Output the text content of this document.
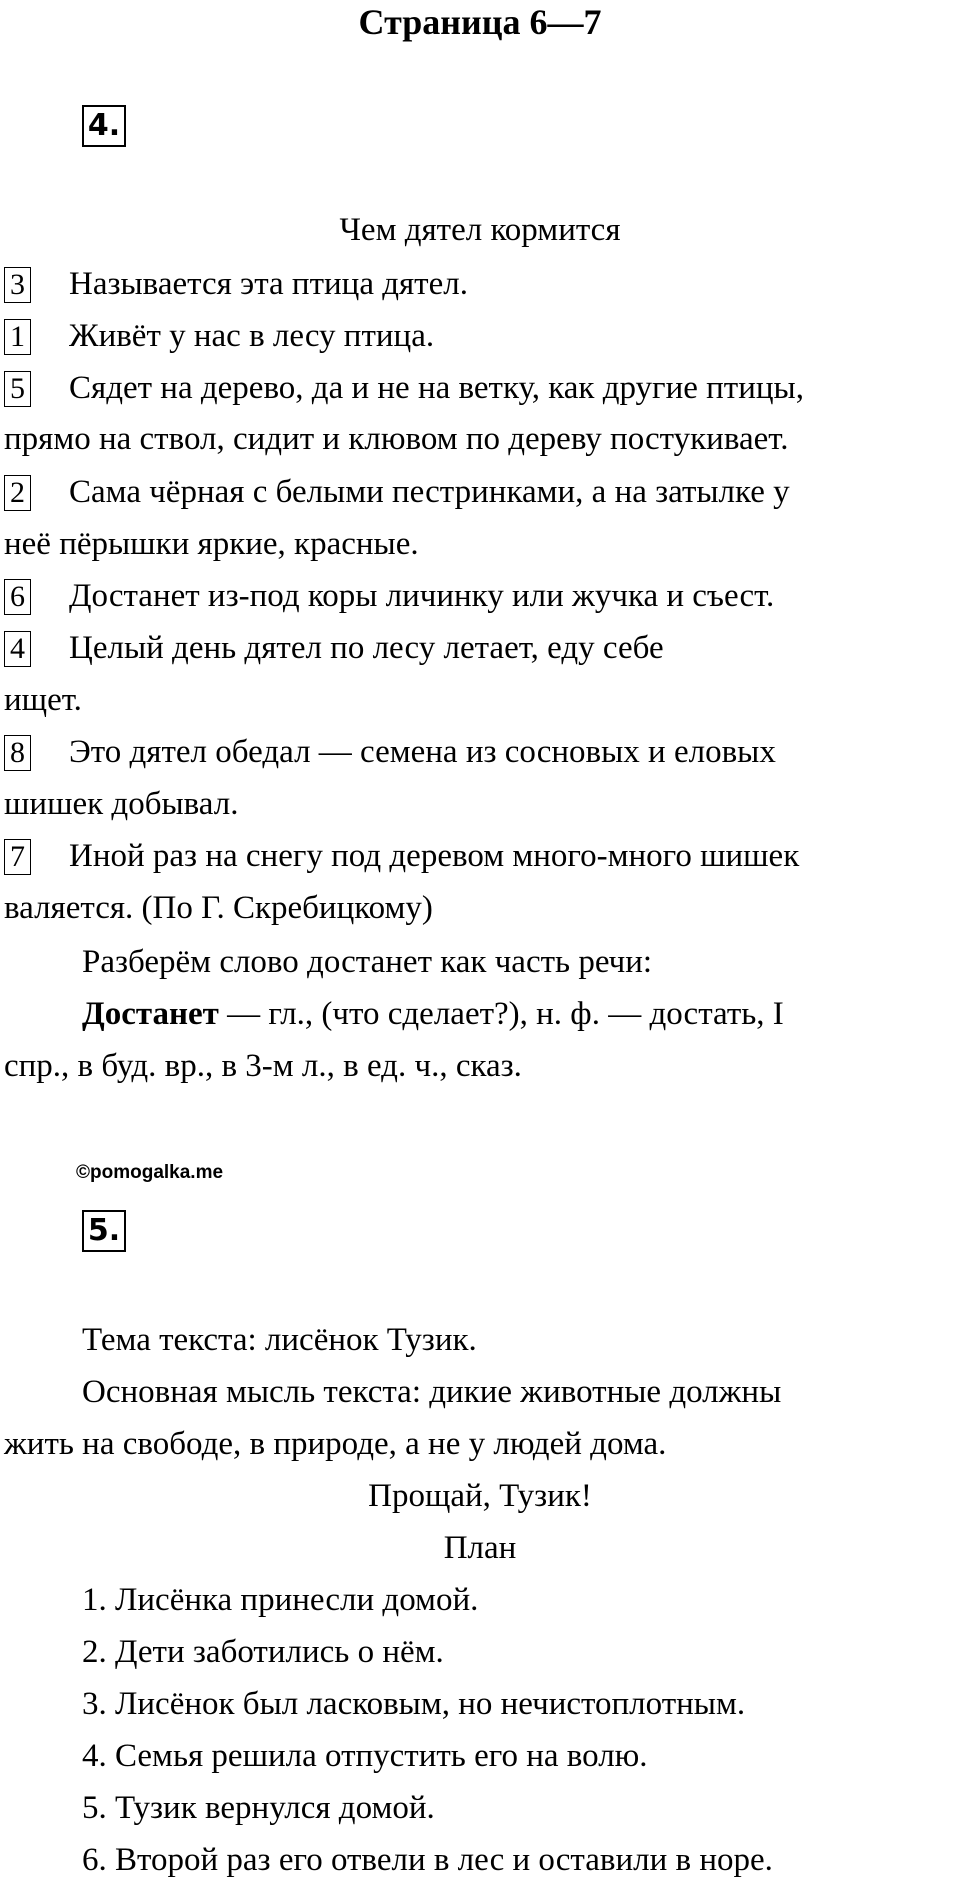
Страница 6—7
4.
Чем дятел кормится
3 Называется эта птица дятел.
1 Живёт у нас в лесу птица.
5 Сядет на дерево, да и не на ветку, как другие птицы,
прямо на ствол, сидит и клювом по дереву постукивает.
2 Сама чёрная с белыми пестринками, а на затылке у
неё пёрышки яркие, красные.
6 Достанет из-под коры личинку или жучка и съест.
4 Целый день дятел по лесу летает, еду себе
ищет.
8 Это дятел обедал — семена из сосновых и еловых
шишек добывал.
7 Иной раз на снегу под деревом много-много шишек
валяется. (По Г. Скребицкому)
Разберём слово достанет как часть речи:
Достанет — гл., (что сделает?), н. ф. — достать, I
спр., в буд. вр., в 3-м л., в ед. ч., сказ.
©pomogalka.me
5.
Тема текста: лисёнок Тузик.
Основная мысль текста: дикие животные должны
жить на свободе, в природе, а не у людей дома.
Прощай, Тузик!
План
1. Лисёнка принесли домой.
2. Дети заботились о нём.
3. Лисёнок был ласковым, но нечистоплотным.
4. Семья решила отпустить его на волю.
5. Тузик вернулся домой.
6. Второй раз его отвели в лес и оставили в норе.
